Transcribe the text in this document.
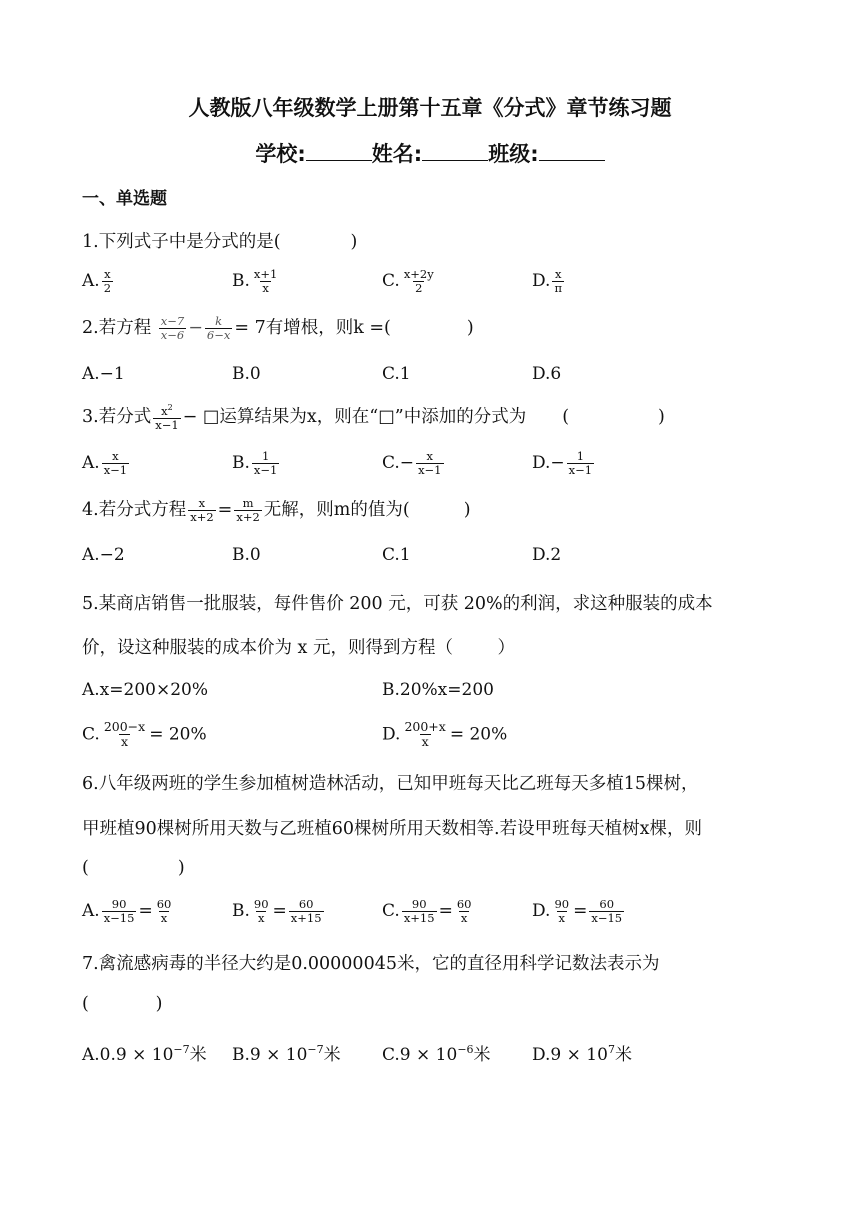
人教版八年级数学上册第十五章《分式》章节练习题
学校:	姓名:	班级:
一、单选题
1.下列式子中是分式的是(	)
A. $\frac{x}{2}$	B. $\frac{x+1}{x}$	C. $\frac{x+2y}{2}$	D. $\frac{x}{\pi}$
2.若方程 $\frac{x-7}{x-6} - \frac{k}{6-x} = 7$有增根，则k =(	)
A.−1	B.0	C.1	D.6
3.若分式 $\frac{x^2}{x-1}$ − □运算结果为x，则在“□”中添加的分式为 (                )
A. $\frac{x}{x-1}$	B. $\frac{1}{x-1}$	$C.- \frac{x}{x-1}$	$D.- \frac{1}{x-1}$
4.若分式方程 $\frac{x}{x+2} = \frac{m}{x+2}$ 无解，则m的值为(	)
A.−2	B.0	C.1	D.2
5.某商店销售一批服装，每件售价 200 元，可获 20%的利润，求这种服装的成本
价，设这种服装的成本价为 x 元，则得到方程（        ）
A.x=200×20%	B.20%x=200
C. $\frac{200-x}{x} = 20\%$	D. $\frac{200+x}{x} = 20\%$
6.八年级两班的学生参加植树造林活动，已知甲班每天比乙班每天多植15棵树，
甲班植90棵树所用天数与乙班植60棵树所用天数相等.若设甲班每天植树x棵，则
(                )
A. $\frac{90}{x-15} = \frac{60}{x}$	B. $\frac{90}{x} = \frac{60}{x+15}$	C. $\frac{90}{x+15} = \frac{60}{x}$	D. $\frac{90}{x} = \frac{60}{x-15}$
7.禽流感病毒的半径大约是0.00000045米，它的直径用科学记数法表示为
(            )
$A.0.9 \times 10^{-7}$米 $B.9 \times 10^{-7}$米 $C.9 \times 10^{-6}$米 $D.9 \times 10^7$米
